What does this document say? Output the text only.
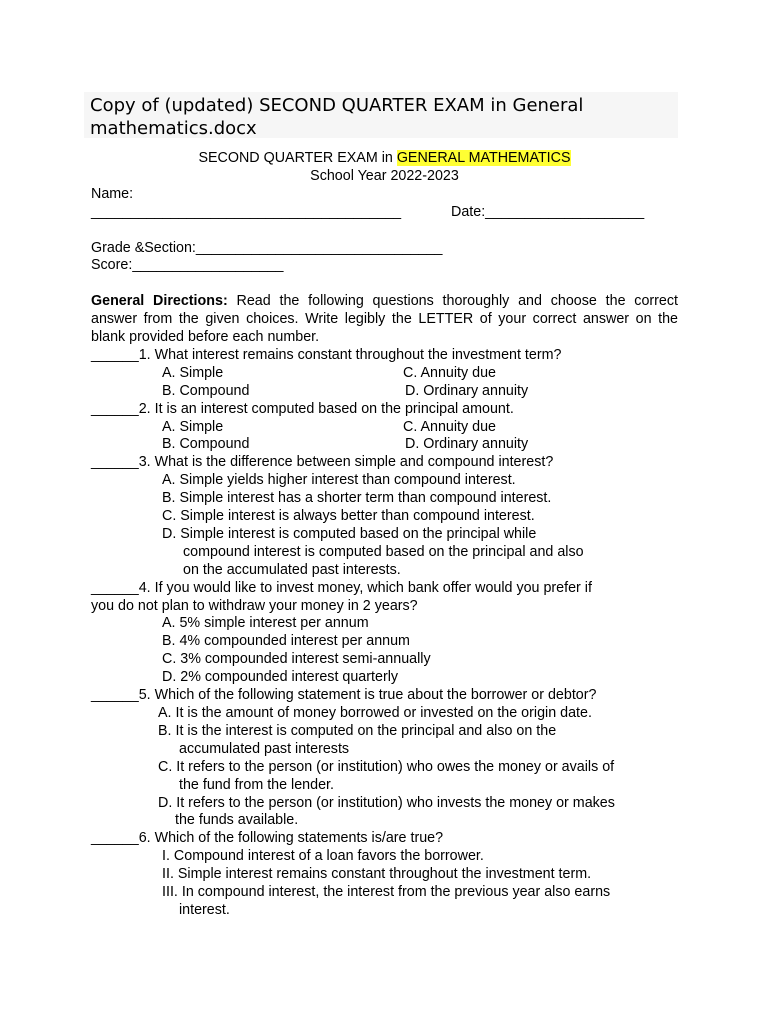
Copy of (updated) SECOND QUARTER EXAM in General mathematics.docx
SECOND QUARTER EXAM in GENERAL MATHEMATICS
School Year 2022-2023
Name:
_______________________________________	Date:____________________
Grade &Section:_______________________________
Score:___________________
General Directions: Read the following questions thoroughly and choose the correct answer from the given choices. Write legibly the LETTER of your correct answer on the blank provided before each number.
______1. What interest remains constant throughout the investment term?
A. Simple	C. Annuity due
B. Compound	D. Ordinary annuity
______2. It is an interest computed based on the principal amount.
A. Simple	C. Annuity due
B. Compound	D. Ordinary annuity
______3. What is the difference between simple and compound interest?
A. Simple yields higher interest than compound interest.
B. Simple interest has a shorter term than compound interest.
C. Simple interest is always better than compound interest.
D. Simple interest is computed based on the principal while
compound interest is computed based on the principal and also
on the accumulated past interests.
______4. If you would like to invest money, which bank offer would you prefer if
you do not plan to withdraw your money in 2 years?
A. 5% simple interest per annum
B. 4% compounded interest per annum
C. 3% compounded interest semi-annually
D. 2% compounded interest quarterly
______5. Which of the following statement is true about the borrower or debtor?
A. It is the amount of money borrowed or invested on the origin date.
B. It is the interest is computed on the principal and also on the
accumulated past interests
C. It refers to the person (or institution) who owes the money or avails of
the fund from the lender.
D. It refers to the person (or institution) who invests the money or makes
the funds available.
______6. Which of the following statements is/are true?
I. Compound interest of a loan favors the borrower.
II. Simple interest remains constant throughout the investment term.
III. In compound interest, the interest from the previous year also earns
interest.
